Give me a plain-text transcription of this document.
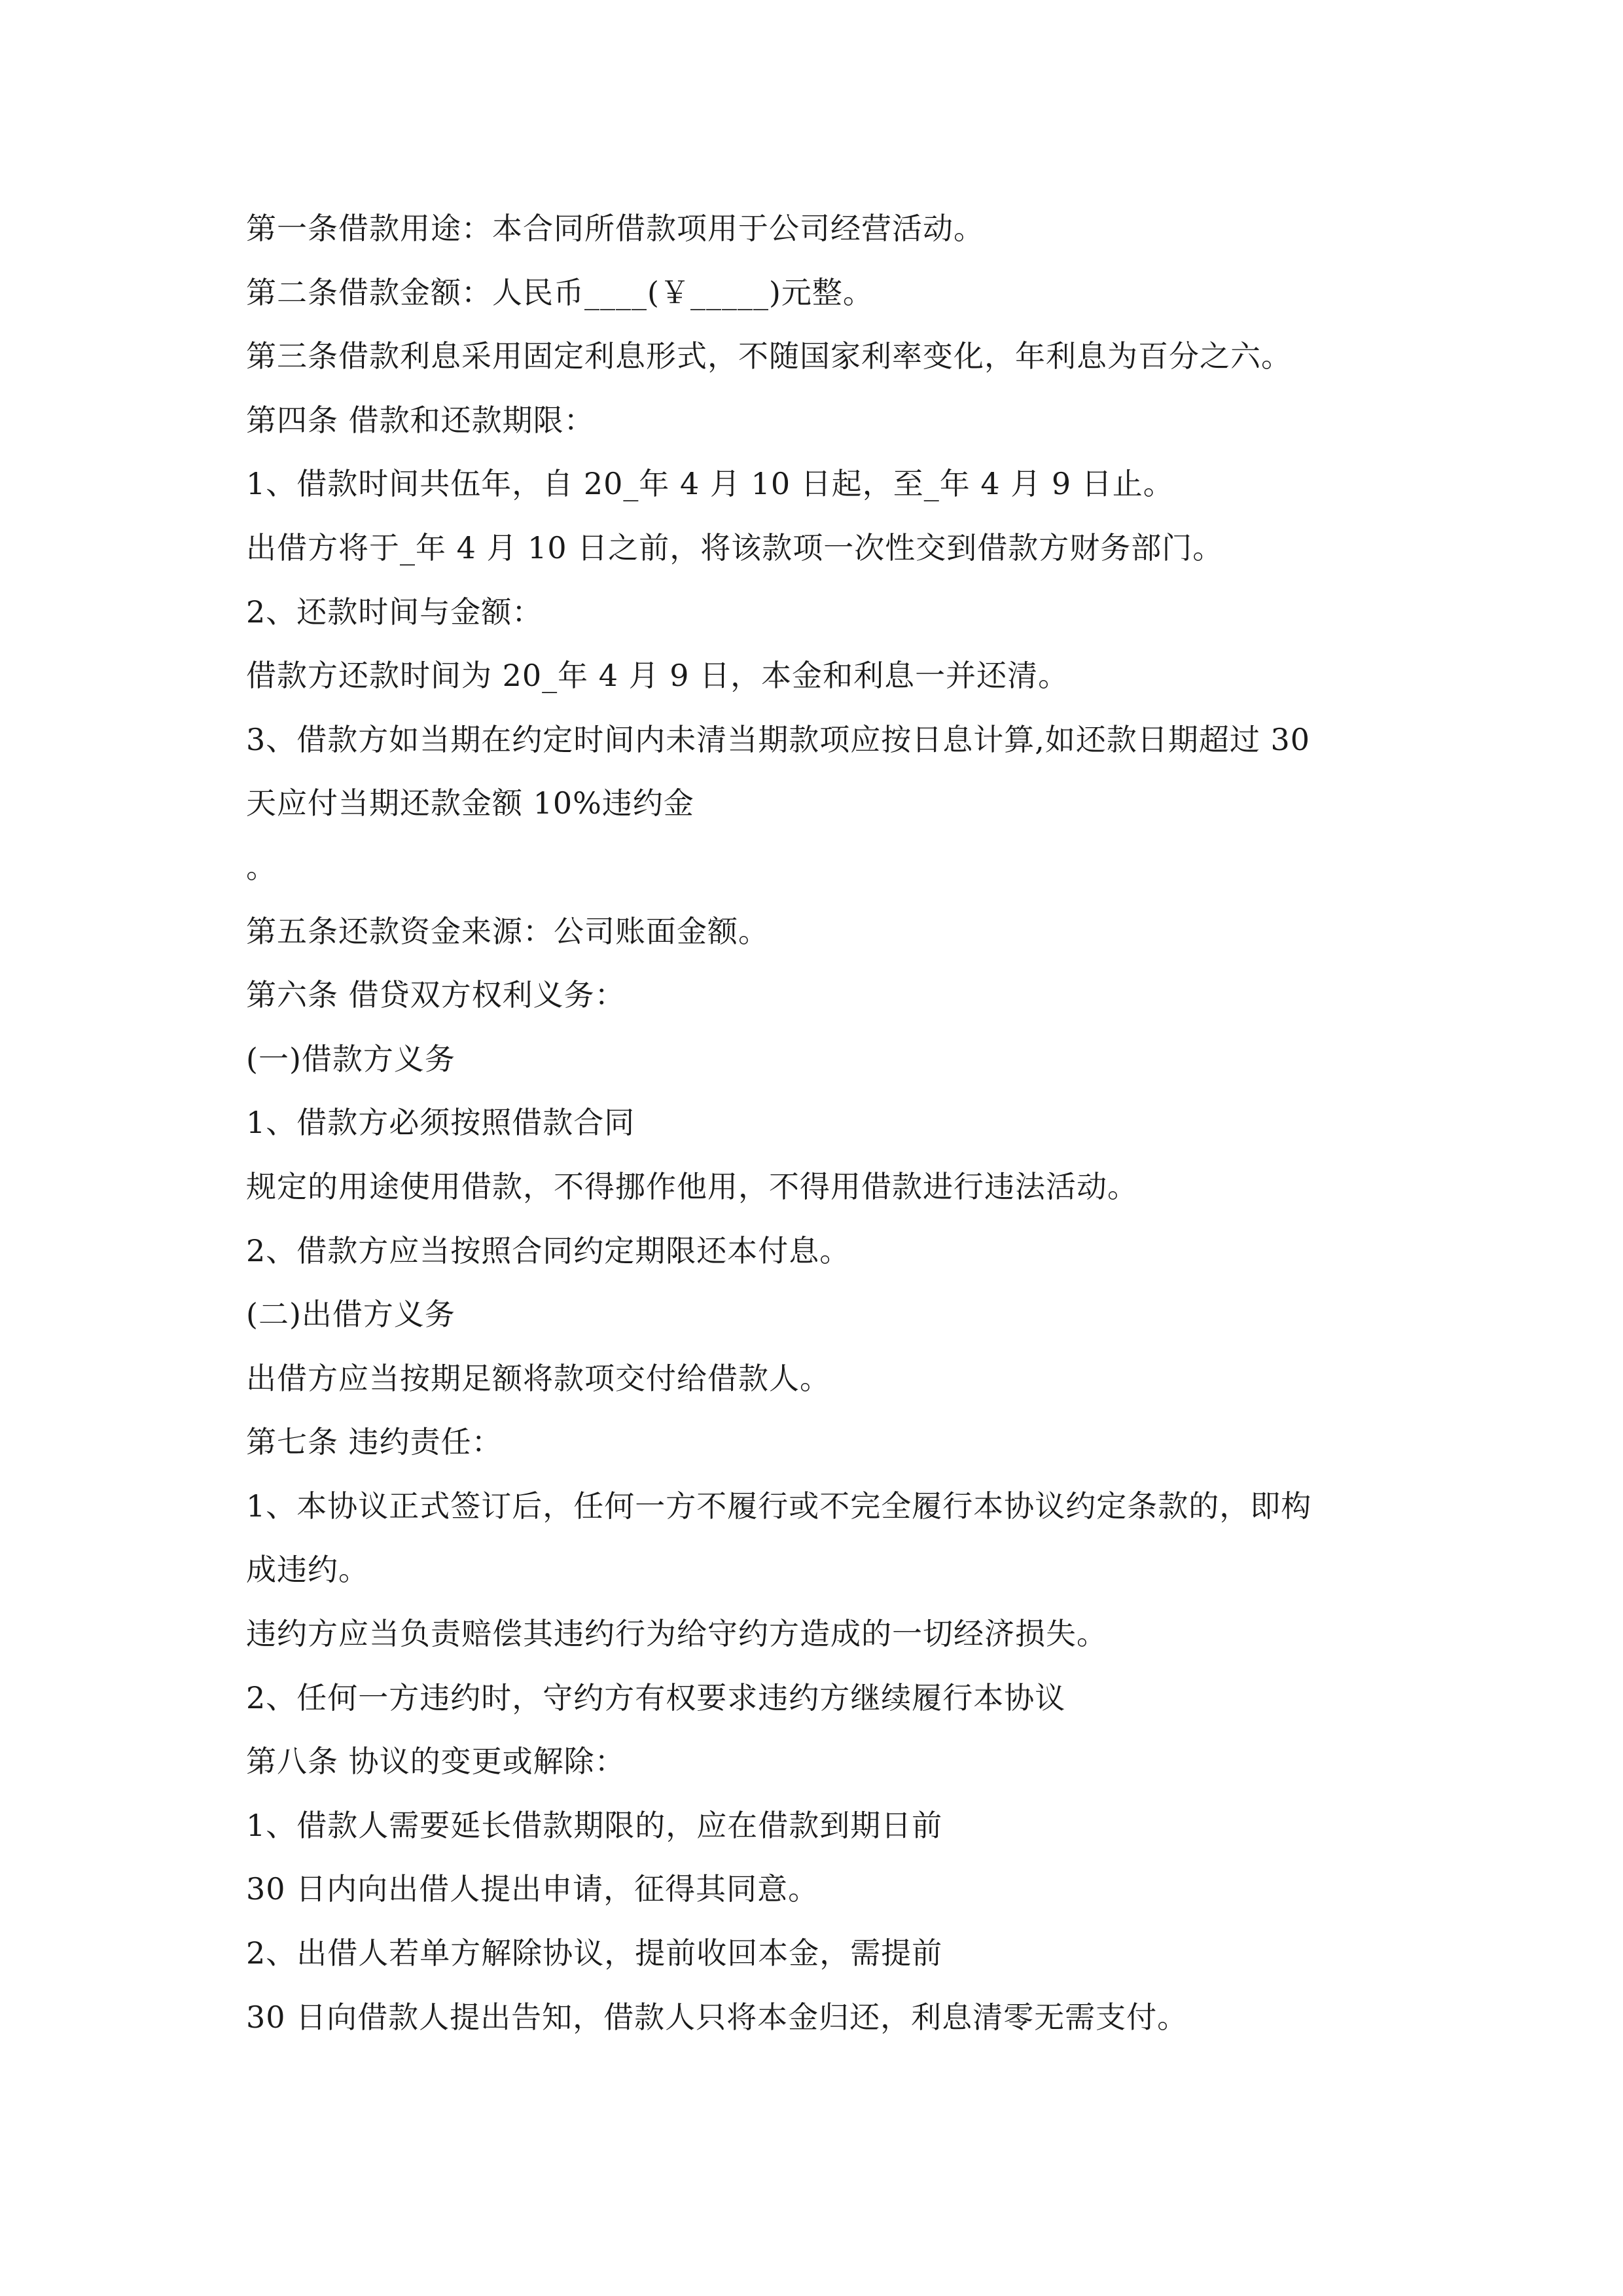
第一条借款用途：本合同所借款项用于公司经营活动。
第二条借款金额：人民币____(￥_____)元整。
第三条借款利息采用固定利息形式，不随国家利率变化，年利息为百分之六。
第四条 借款和还款期限：
1、借款时间共伍年，自 20_年 4 月 10 日起，至_年 4 月 9 日止。
出借方将于_年 4 月 10 日之前，将该款项一次性交到借款方财务部门。
2、还款时间与金额：
借款方还款时间为 20_年 4 月 9 日，本金和利息一并还清。
3、借款方如当期在约定时间内未清当期款项应按日息计算,如还款日期超过 30
天应付当期还款金额 10%违约金
。
第五条还款资金来源：公司账面金额。
第六条 借贷双方权利义务：
(一)借款方义务
1、借款方必须按照借款合同
规定的用途使用借款，不得挪作他用，不得用借款进行违法活动。
2、借款方应当按照合同约定期限还本付息。
(二)出借方义务
出借方应当按期足额将款项交付给借款人。
第七条 违约责任：
1、本协议正式签订后，任何一方不履行或不完全履行本协议约定条款的，即构
成违约。
违约方应当负责赔偿其违约行为给守约方造成的一切经济损失。
2、任何一方违约时，守约方有权要求违约方继续履行本协议
第八条 协议的变更或解除：
1、借款人需要延长借款期限的，应在借款到期日前
30 日内向出借人提出申请，征得其同意。
2、出借人若单方解除协议，提前收回本金，需提前
30 日向借款人提出告知，借款人只将本金归还，利息清零无需支付。
